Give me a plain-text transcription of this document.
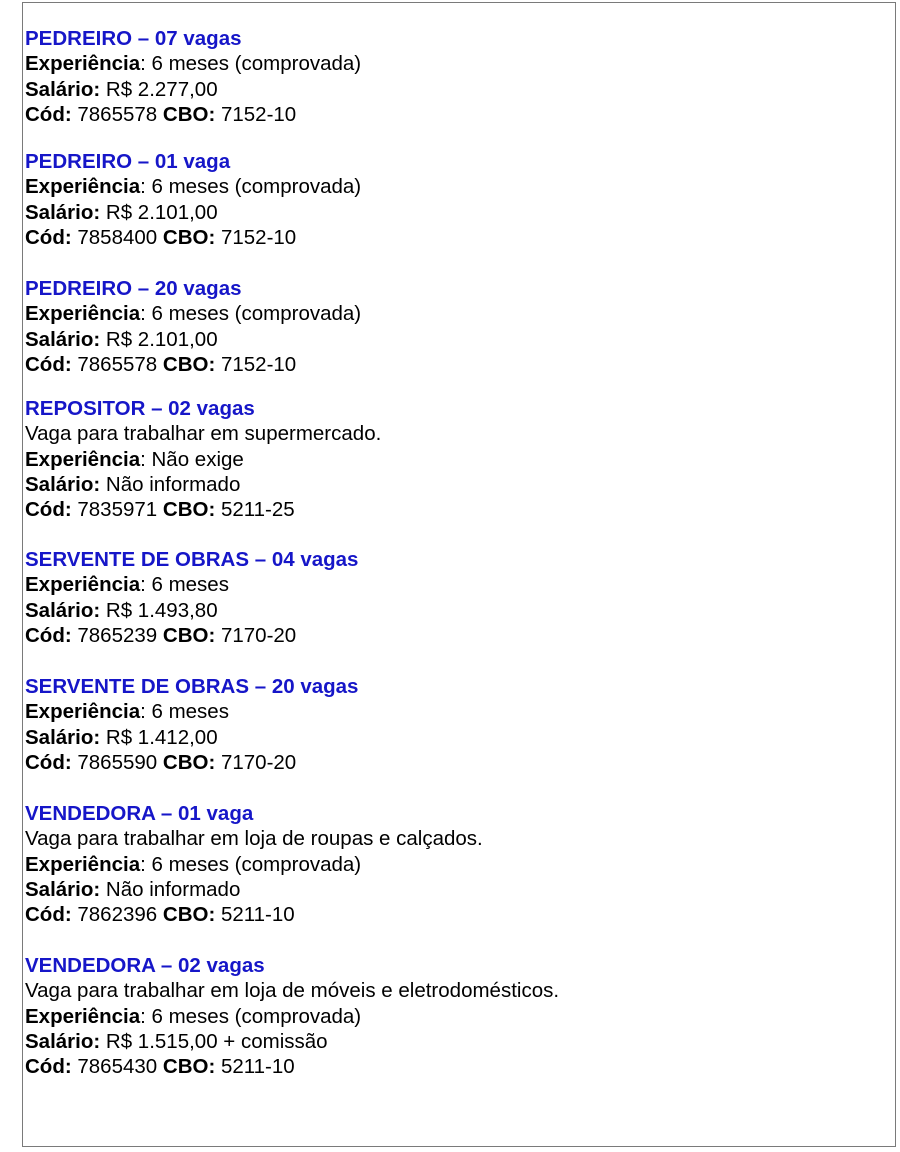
PEDREIRO – 07 vagas
Experiência: 6 meses (comprovada)
Salário: R$ 2.277,00
Cód: 7865578 CBO: 7152-10
PEDREIRO – 01 vaga
Experiência: 6 meses (comprovada)
Salário: R$ 2.101,00
Cód: 7858400 CBO: 7152-10
PEDREIRO – 20 vagas
Experiência: 6 meses (comprovada)
Salário: R$ 2.101,00
Cód: 7865578 CBO: 7152-10
REPOSITOR – 02 vagas
Vaga para trabalhar em supermercado.
Experiência: Não exige
Salário: Não informado
Cód: 7835971 CBO: 5211-25
SERVENTE DE OBRAS – 04 vagas
Experiência: 6 meses
Salário: R$ 1.493,80
Cód: 7865239 CBO: 7170-20
SERVENTE DE OBRAS – 20 vagas
Experiência: 6 meses
Salário: R$ 1.412,00
Cód: 7865590 CBO: 7170-20
VENDEDORA – 01 vaga
Vaga para trabalhar em loja de roupas e calçados.
Experiência: 6 meses (comprovada)
Salário: Não informado
Cód: 7862396 CBO: 5211-10
VENDEDORA – 02 vagas
Vaga para trabalhar em loja de móveis e eletrodomésticos.
Experiência: 6 meses (comprovada)
Salário: R$ 1.515,00 + comissão
Cód: 7865430 CBO: 5211-10
